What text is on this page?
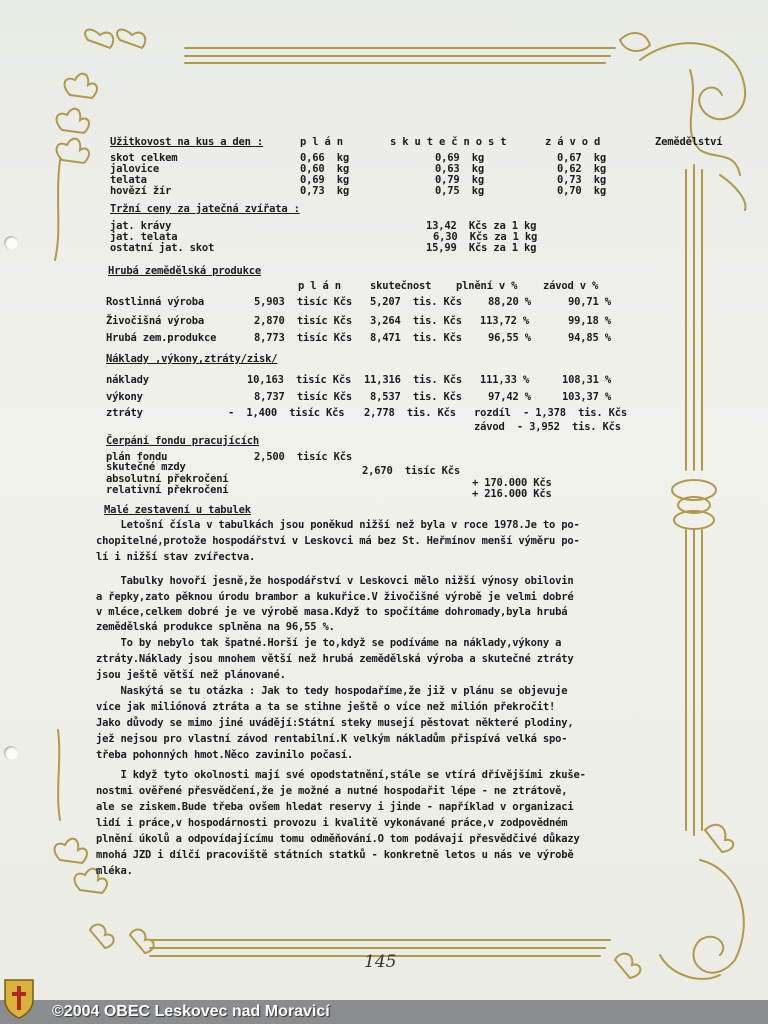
Užitkovost na kus a den :	p l á n	s k u t e č n o s t	z á v o d	Zemědělství
skot celkem	0,66  kg	0,69  kg	0,67  kg
jalovice	0,60  kg	0,63  kg	0,62  kg
telata	0,69  kg	0,79  kg	0,73  kg
hovězí žír	0,73  kg	0,75  kg	0,70  kg
Tržní ceny za jatečná zvířata :
jat. krávy	13,42  Kčs za 1 kg
jat. telata	6,30  Kčs za 1 kg
ostatní jat. skot	15,99  Kčs za 1 kg
Hrubá zemědělská produkce
p l á n	skutečnost plnění v % závod v %
Rostlinná výroba	5,903  tisíc Kčs 5,207  tis. Kčs 88,20 %	90,71 %
Živočišná výroba	2,870  tisíc Kčs 3,264  tis. Kčs 113,72 %	99,18 %
Hrubá zem.produkce	8,773  tisíc Kčs 8,471  tis. Kčs 96,55 %	94,85 %
Náklady ,výkony,ztráty/zisk/
náklady	10,163  tisíc Kčs 11,316  tis. Kčs 111,33 %	108,31 %
výkony	8,737  tisíc Kčs 8,537  tis. Kčs 97,42 %	103,37 %
ztráty	-  1,400  tisíc Kčs 2,778  tis. Kčs rozdíl  - 1,378  tis. Kčs
závod  - 3,952  tis. Kčs
Čerpání fondu pracujících
plán fondu	2,500  tisíc Kčs
skutečné mzdy	2,670  tisíc Kčs
absolutní překročení	+ 170.000 Kčs
relativní překročení	+ 216.000 Kčs
Malé zestavení u tabulek
Letošní čísla v tabulkách jsou poněkud nižší než byla v roce 1978.Je to po-
chopitelné,protože hospodářství v Leskovci má bez St. Heřmínov menší výměru po-
lí i nižší stav zvířectva.
Tabulky hovoří jesně,že hospodářství v Leskovci mělo nižší výnosy obilovin
a řepky,zato pěknou úrodu brambor a kukuřice.V živočišné výrobě je velmi dobré
v mléce,celkem dobré je ve výrobě masa.Když to spočítáme dohromady,byla hrubá
zemědělská produkce splněna na 96,55 %.
To by nebylo tak špatné.Horší je to,když se podíváme na náklady,výkony a
ztráty.Náklady jsou mnohem větší než hrubá zemědělská výroba a skutečné ztráty
jsou ještě větší než plánované.
Naskýtá se tu otázka : Jak to tedy hospodaříme,že již v plánu se objevuje
více jak miliónová ztráta a ta se stihne ještě o více než milión překročit!
Jako důvody se mimo jiné uvádějí:Státní steky musejí pěstovat některé plodiny,
jež nejsou pro vlastní závod rentabilní.K velkým nákladům přispívá velká spo-
třeba pohonných hmot.Něco zavinilo počasí.
I když tyto okolnosti mají své opodstatnění,stále se vtírá dřívějšími zkuše-
nostmi ověřené přesvědčení,že je možné a nutné hospodařit lépe - ne ztrátově,
ale se ziskem.Bude třeba ovšem hledat reservy i jinde - například v organizaci
lidí i práce,v hospodárnosti provozu i kvalitě vykonávané práce,v zodpovědném
plnění úkolů a odpovídajícímu tomu odměňování.O tom podávají přesvědčivé důkazy
mnohá JZD i dílčí pracoviště státních statků - konkretně letos u nás ve výrobě
mléka.
145
©2004 OBEC Leskovec nad Moravicí
